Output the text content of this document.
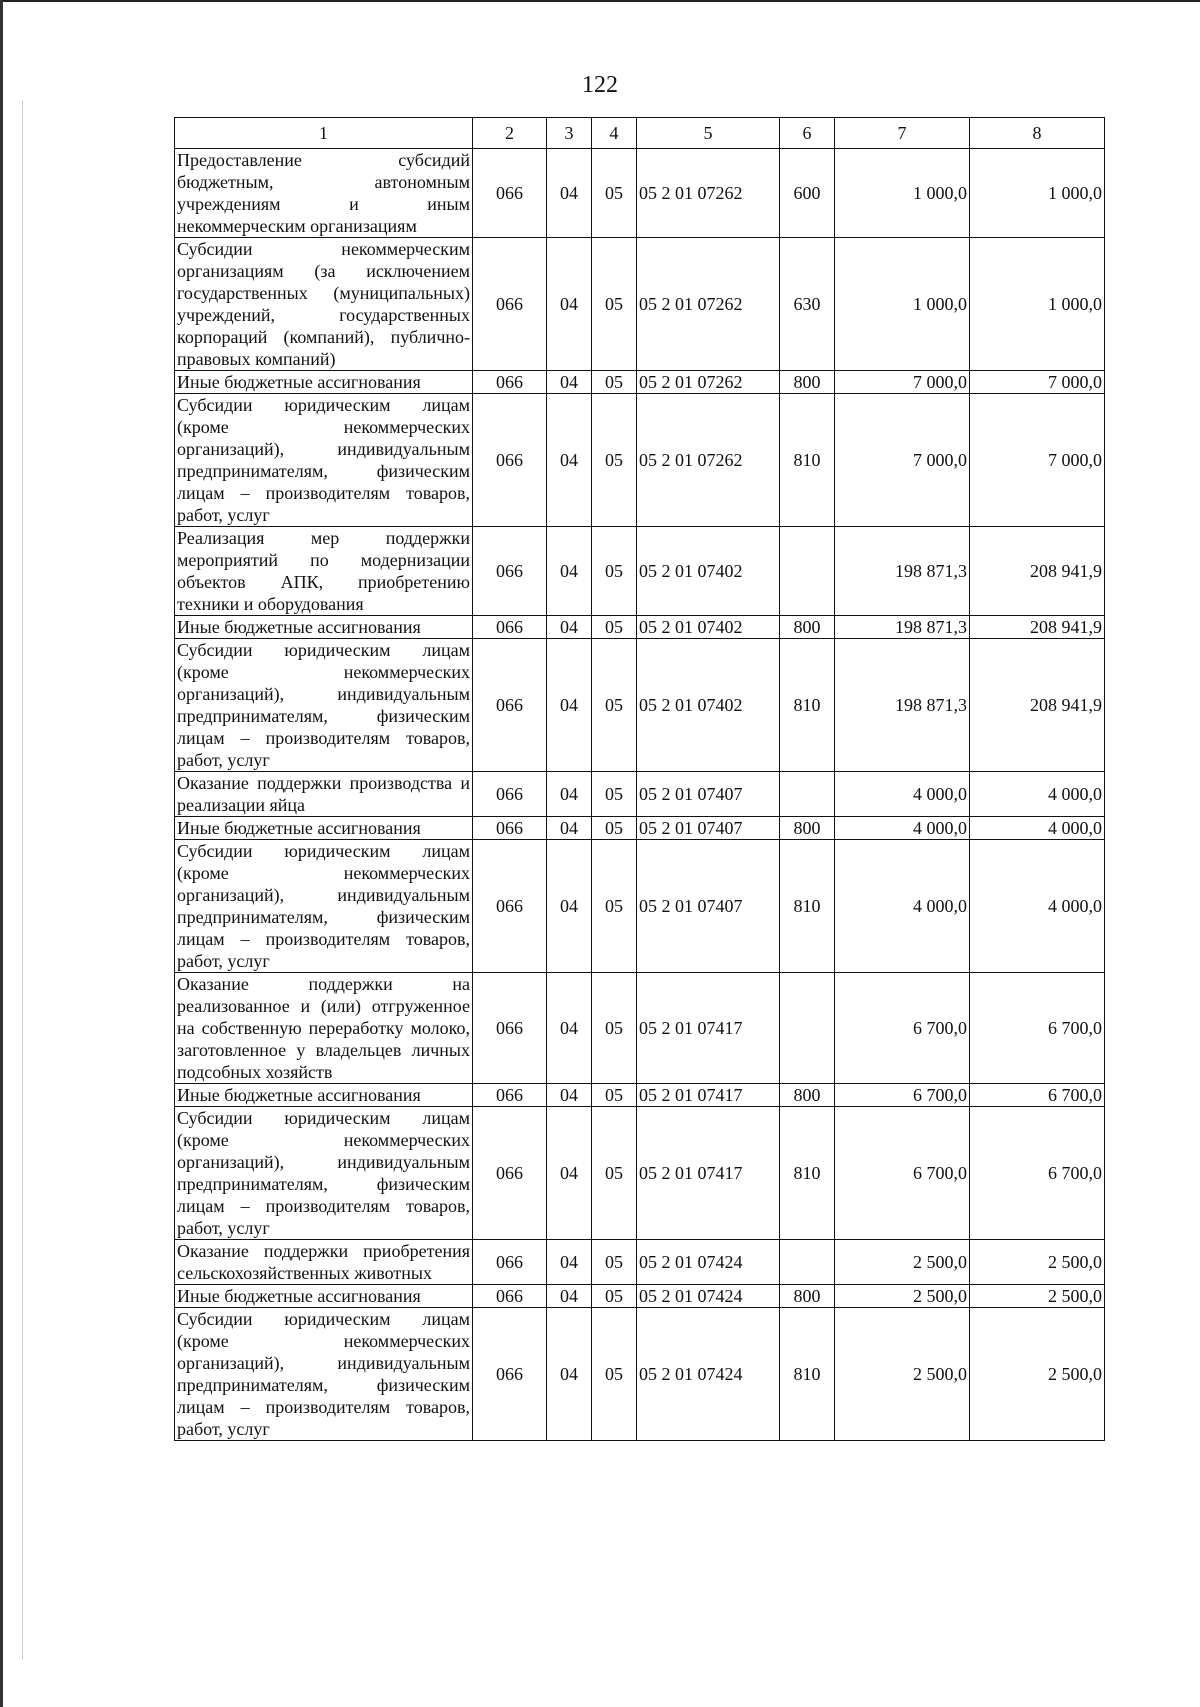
122
1	2	3	4	5	6	7	8
Предоставление субсидий бюджетным, автономным учреждениям и иным некоммерческим организациям	066	04	05	05 2 01 07262	600	1 000,0	1 000,0
Субсидии некоммерческим организациям (за исключением государственных (муниципальных) учреждений, государственных корпораций (компаний), публично-правовых компаний)	066	04	05	05 2 01 07262	630	1 000,0	1 000,0
Иные бюджетные ассигнования	066	04	05	05 2 01 07262	800	7 000,0	7 000,0
Субсидии юридическим лицам (кроме некоммерческих организаций), индивидуальным предпринимателям, физическим лицам – производителям товаров, работ, услуг	066	04	05	05 2 01 07262	810	7 000,0	7 000,0
Реализация мер поддержки мероприятий по модернизации объектов АПК, приобретению техники и оборудования	066	04	05	05 2 01 07402		198 871,3	208 941,9
Иные бюджетные ассигнования	066	04	05	05 2 01 07402	800	198 871,3	208 941,9
Субсидии юридическим лицам (кроме некоммерческих организаций), индивидуальным предпринимателям, физическим лицам – производителям товаров, работ, услуг	066	04	05	05 2 01 07402	810	198 871,3	208 941,9
Оказание поддержки производства и реализации яйца	066	04	05	05 2 01 07407		4 000,0	4 000,0
Иные бюджетные ассигнования	066	04	05	05 2 01 07407	800	4 000,0	4 000,0
Субсидии юридическим лицам (кроме некоммерческих организаций), индивидуальным предпринимателям, физическим лицам – производителям товаров, работ, услуг	066	04	05	05 2 01 07407	810	4 000,0	4 000,0
Оказание поддержки на реализованное и (или) отгруженное на собственную переработку молоко, заготовленное у владельцев личных подсобных хозяйств	066	04	05	05 2 01 07417		6 700,0	6 700,0
Иные бюджетные ассигнования	066	04	05	05 2 01 07417	800	6 700,0	6 700,0
Субсидии юридическим лицам (кроме некоммерческих организаций), индивидуальным предпринимателям, физическим лицам – производителям товаров, работ, услуг	066	04	05	05 2 01 07417	810	6 700,0	6 700,0
Оказание поддержки приобретения сельскохозяйственных животных	066	04	05	05 2 01 07424		2 500,0	2 500,0
Иные бюджетные ассигнования	066	04	05	05 2 01 07424	800	2 500,0	2 500,0
Субсидии юридическим лицам (кроме некоммерческих организаций), индивидуальным предпринимателям, физическим лицам – производителям товаров, работ, услуг	066	04	05	05 2 01 07424	810	2 500,0	2 500,0
